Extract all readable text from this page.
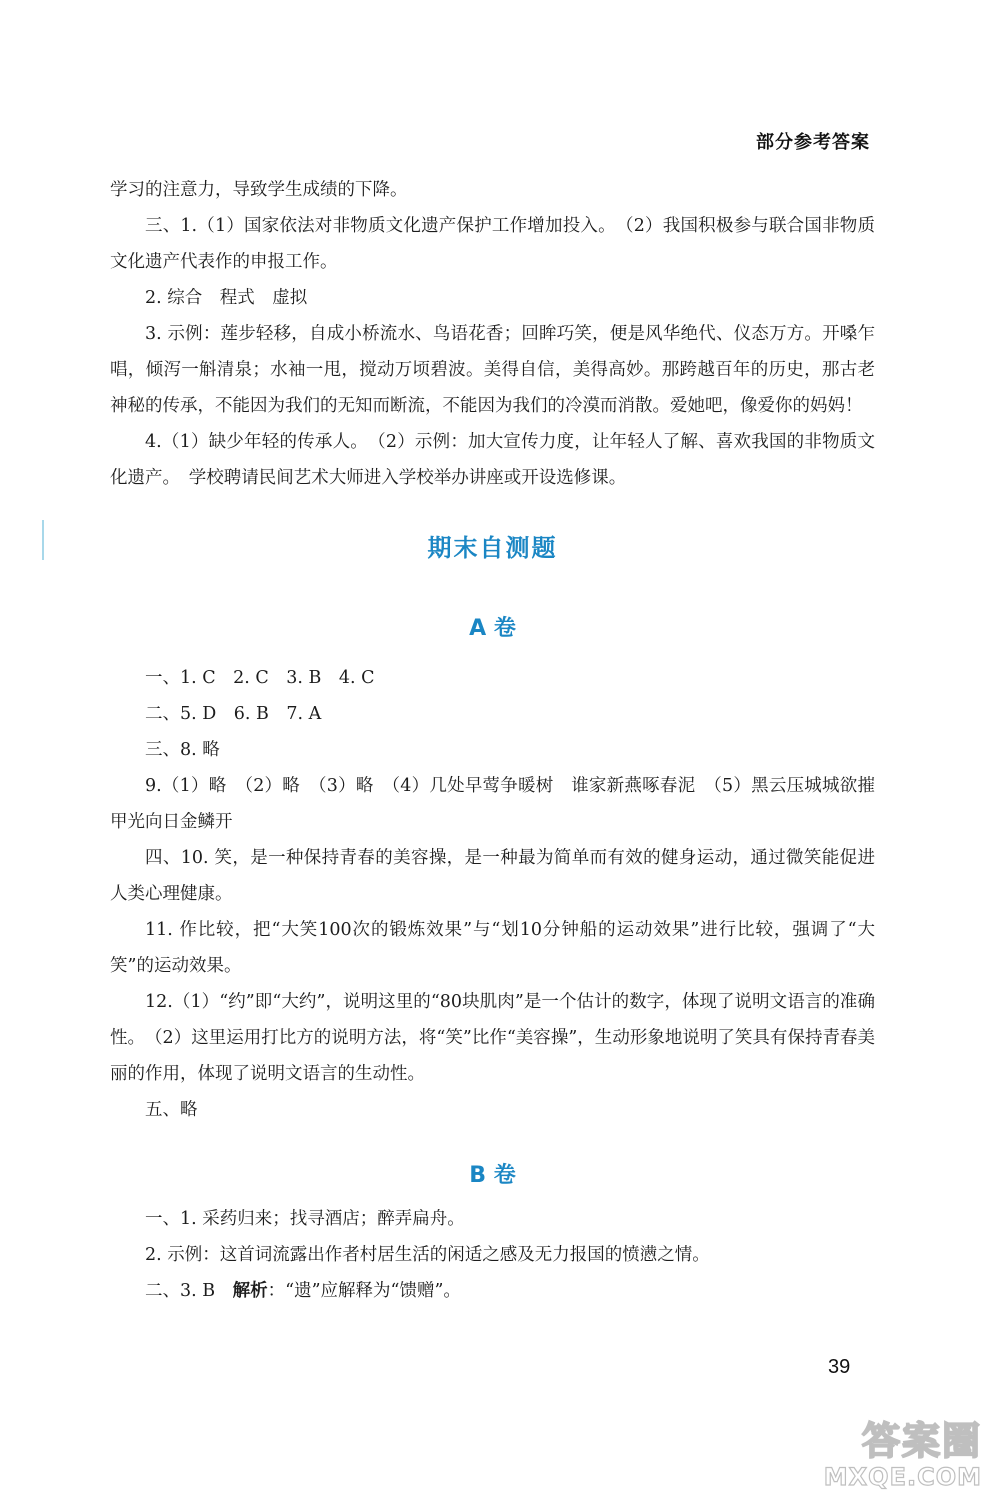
部分参考答案

学习的注意力，导致学生成绩的下降。

三、1.（1）国家依法对非物质文化遗产保护工作增加投入。　（2）我国积极参与联合国非物质文化遗产代表作的申报工作。

2. 综合　程式　虚拟

3. 示例：莲步轻移，自成小桥流水、鸟语花香；回眸巧笑，便是风华绝代、仪态万方。开嗓乍唱，倾泻一斛清泉；水袖一甩，搅动万顷碧波。美得自信，美得高妙。那跨越百年的历史，那古老神秘的传承，不能因为我们的无知而断流，不能因为我们的冷漠而消散。爱她吧，像爱你的妈妈！

4.（1）缺少年轻的传承人。　（2）示例：加大宣传力度，让年轻人了解、喜欢我国的非物质文化遗产。　学校聘请民间艺术大师进入学校举办讲座或开设选修课。

期末自测题
A 卷

一、1. C　2. C　3. B　4. C

二、5. D　6. B　7. A

三、8. 略

9.（1）略　（2）略　（3）略　（4）几处早莺争暖树　谁家新燕啄春泥　（5）黑云压城城欲摧　甲光向日金鳞开

四、10. 笑，是一种保持青春的美容操，是一种最为简单而有效的健身运动，通过微笑能促进人类心理健康。

11. 作比较，把“大笑100次的锻炼效果”与“划10分钟船的运动效果”进行比较，强调了“大笑”的运动效果。

12.（1）“约”即“大约”，说明这里的“80块肌肉”是一个估计的数字，体现了说明文语言的准确性。　（2）这里运用打比方的说明方法，将“笑”比作“美容操”，生动形象地说明了笑具有保持青春美丽的作用，体现了说明文语言的生动性。

五、略

B 卷

一、1. 采药归来；找寻酒店；醉弄扁舟。

2. 示例：这首词流露出作者村居生活的闲适之感及无力报国的愤懑之情。

二、3. B　解析：“遗”应解释为“馈赠”。

39
答案圈
MXQE.COM
